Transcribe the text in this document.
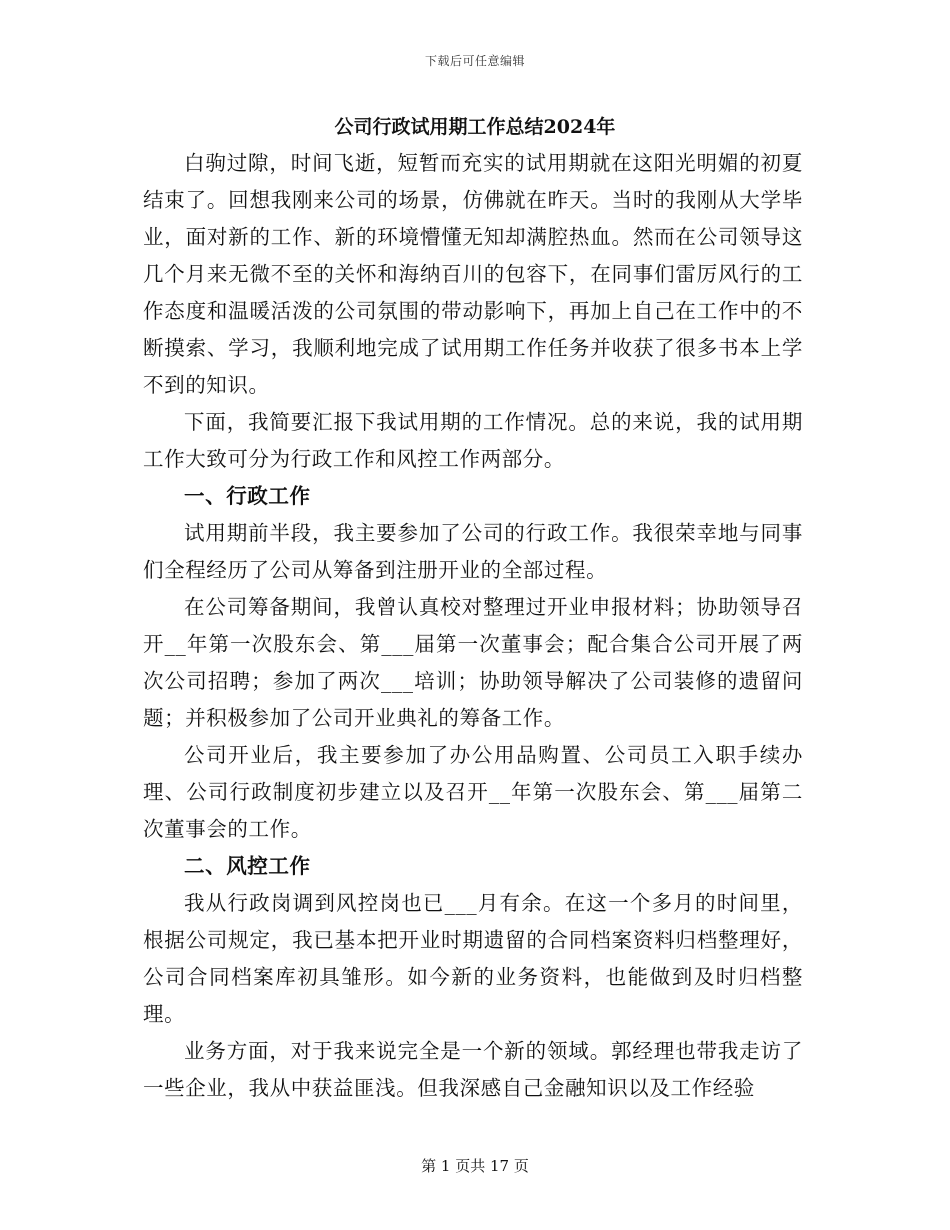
下载后可任意编辑
公司行政试用期工作总结2024年

白驹过隙，时间飞逝，短暂而充实的试用期就在这阳光明媚的初夏结束了。回想我刚来公司的场景，仿佛就在昨天。当时的我刚从大学毕业，面对新的工作、新的环境懵懂无知却满腔热血。然而在公司领导这几个月来无微不至的关怀和海纳百川的包容下，在同事们雷厉风行的工作态度和温暖活泼的公司氛围的带动影响下，再加上自己在工作中的不断摸索、学习，我顺利地完成了试用期工作任务并收获了很多书本上学不到的知识。

下面，我简要汇报下我试用期的工作情况。总的来说，我的试用期工作大致可分为行政工作和风控工作两部分。

一、行政工作

试用期前半段，我主要参加了公司的行政工作。我很荣幸地与同事们全程经历了公司从筹备到注册开业的全部过程。

在公司筹备期间，我曾认真校对整理过开业申报材料；协助领导召开__年第一次股东会、第___届第一次董事会；配合集合公司开展了两次公司招聘；参加了两次___培训；协助领导解决了公司装修的遗留问题；并积极参加了公司开业典礼的筹备工作。

公司开业后，我主要参加了办公用品购置、公司员工入职手续办理、公司行政制度初步建立以及召开__年第一次股东会、第___届第二次董事会的工作。

二、风控工作

我从行政岗调到风控岗也已___月有余。在这一个多月的时间里，根据公司规定，我已基本把开业时期遗留的合同档案资料归档整理好，公司合同档案库初具雏形。如今新的业务资料，也能做到及时归档整理。

业务方面，对于我来说完全是一个新的领域。郭经理也带我走访了一些企业，我从中获益匪浅。但我深感自己金融知识以及工作经验

第 1 页共 17 页
